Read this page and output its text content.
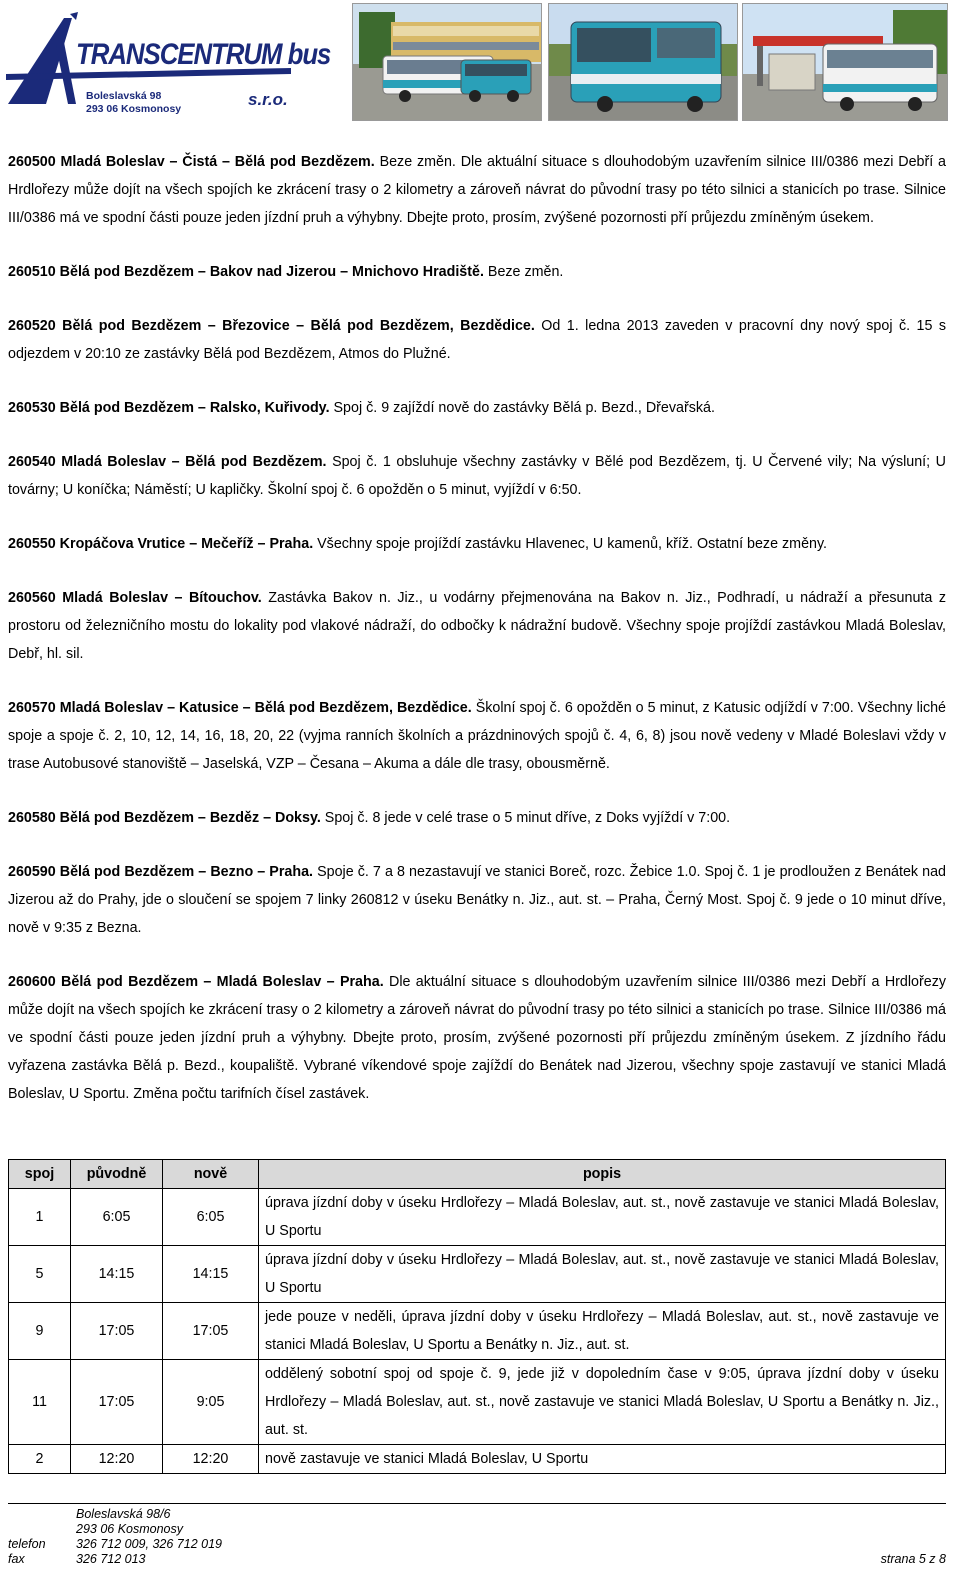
TRANSCENTRUM bus
Boleslavská 98
293 06 Kosmonosy	s.r.o.

260500 Mladá Boleslav – Čistá – Bělá pod Bezdězem. Beze změn. Dle aktuální situace s dlouhodobým uzavřením silnice III/0386 mezi Debří a Hrdlořezy může dojít na všech spojích ke zkrácení trasy o 2 kilometry a zároveň návrat do původní trasy po této silnici a stanicích po trase. Silnice III/0386 má ve spodní části pouze jeden jízdní pruh a výhybny. Dbejte proto, prosím, zvýšené pozornosti pří průjezdu zmíněným úsekem.

260510 Bělá pod Bezdězem – Bakov nad Jizerou – Mnichovo Hradiště. Beze změn.

260520 Bělá pod Bezdězem – Březovice – Bělá pod Bezdězem, Bezdědice. Od 1. ledna 2013 zaveden v pracovní dny nový spoj č. 15 s odjezdem v 20:10 ze zastávky Bělá pod Bezdězem, Atmos do Plužné.

260530 Bělá pod Bezdězem – Ralsko, Kuřivody. Spoj č. 9 zajíždí nově do zastávky Bělá p. Bezd., Dřevařská.

260540 Mladá Boleslav – Bělá pod Bezdězem. Spoj č. 1 obsluhuje všechny zastávky v Bělé pod Bezdězem, tj. U Červené vily; Na výsluní; U továrny; U koníčka; Náměstí; U kapličky. Školní spoj č. 6 opožděn o 5 minut, vyjíždí v 6:50.

260550 Kropáčova Vrutice – Mečeříž – Praha. Všechny spoje projíždí zastávku Hlavenec, U kamenů, kříž. Ostatní beze změny.

260560 Mladá Boleslav – Bítouchov. Zastávka Bakov n. Jiz., u vodárny přejmenována na Bakov n. Jiz., Podhradí, u nádraží a přesunuta z prostoru od železničního mostu do lokality pod vlakové nádraží, do odbočky k nádražní budově. Všechny spoje projíždí zastávkou Mladá Boleslav, Debř, hl. sil.

260570 Mladá Boleslav – Katusice – Bělá pod Bezdězem, Bezdědice. Školní spoj č. 6 opožděn o 5 minut, z Katusic odjíždí v 7:00. Všechny liché spoje a spoje č. 2, 10, 12, 14, 16, 18, 20, 22 (vyjma ranních školních a prázdninových spojů č. 4, 6, 8) jsou nově vedeny v Mladé Boleslavi vždy v trase Autobusové stanoviště – Jaselská, VZP – Česana – Akuma a dále dle trasy, obousměrně.

260580 Bělá pod Bezdězem – Bezděz – Doksy. Spoj č. 8 jede v celé trase o 5 minut dříve, z Doks vyjíždí v 7:00.

260590 Bělá pod Bezdězem – Bezno – Praha. Spoje č. 7 a 8 nezastavují ve stanici Boreč, rozc. Žebice 1.0. Spoj č. 1 je prodloužen z Benátek nad Jizerou až do Prahy, jde o sloučení se spojem 7 linky 260812 v úseku Benátky n. Jiz., aut. st. – Praha, Černý Most. Spoj č. 9 jede o 10 minut dříve, nově v 9:35 z Bezna.

260600 Bělá pod Bezdězem – Mladá Boleslav – Praha. Dle aktuální situace s dlouhodobým uzavřením silnice III/0386 mezi Debří a Hrdlořezy může dojít na všech spojích ke zkrácení trasy o 2 kilometry a zároveň návrat do původní trasy po této silnici a stanicích po trase. Silnice III/0386 má ve spodní části pouze jeden jízdní pruh a výhybny. Dbejte proto, prosím, zvýšené pozornosti pří průjezdu zmíněným úsekem. Z jízdního řádu vyřazena zastávka Bělá p. Bezd., koupaliště. Vybrané víkendové spoje zajíždí do Benátek nad Jizerou, všechny spoje zastavují ve stanici Mladá Boleslav, U Sportu. Změna počtu tarifních čísel zastávek.

spoj	původně	nově	popis
1	6:05	6:05	úprava jízdní doby v úseku Hrdlořezy – Mladá Boleslav, aut. st., nově zastavuje ve stanici Mladá Boleslav, U Sportu
5	14:15	14:15	úprava jízdní doby v úseku Hrdlořezy – Mladá Boleslav, aut. st., nově zastavuje ve stanici Mladá Boleslav, U Sportu
9	17:05	17:05	jede pouze v neděli, úprava jízdní doby v úseku Hrdlořezy – Mladá Boleslav, aut. st., nově zastavuje ve stanici Mladá Boleslav, U Sportu a Benátky n. Jiz., aut. st.
11	17:05	9:05	oddělený sobotní spoj od spoje č. 9, jede již v dopoledním čase v 9:05, úprava jízdní doby v úseku Hrdlořezy – Mladá Boleslav, aut. st., nově zastavuje ve stanici Mladá Boleslav, U Sportu a Benátky n. Jiz., aut. st.
2	12:20	12:20	nově zastavuje ve stanici Mladá Boleslav, U Sportu
Boleslavská 98/6
293 06 Kosmonosy
telefon 326 712 009, 326 712 019
fax	326 712 013	strana 5 z 8
